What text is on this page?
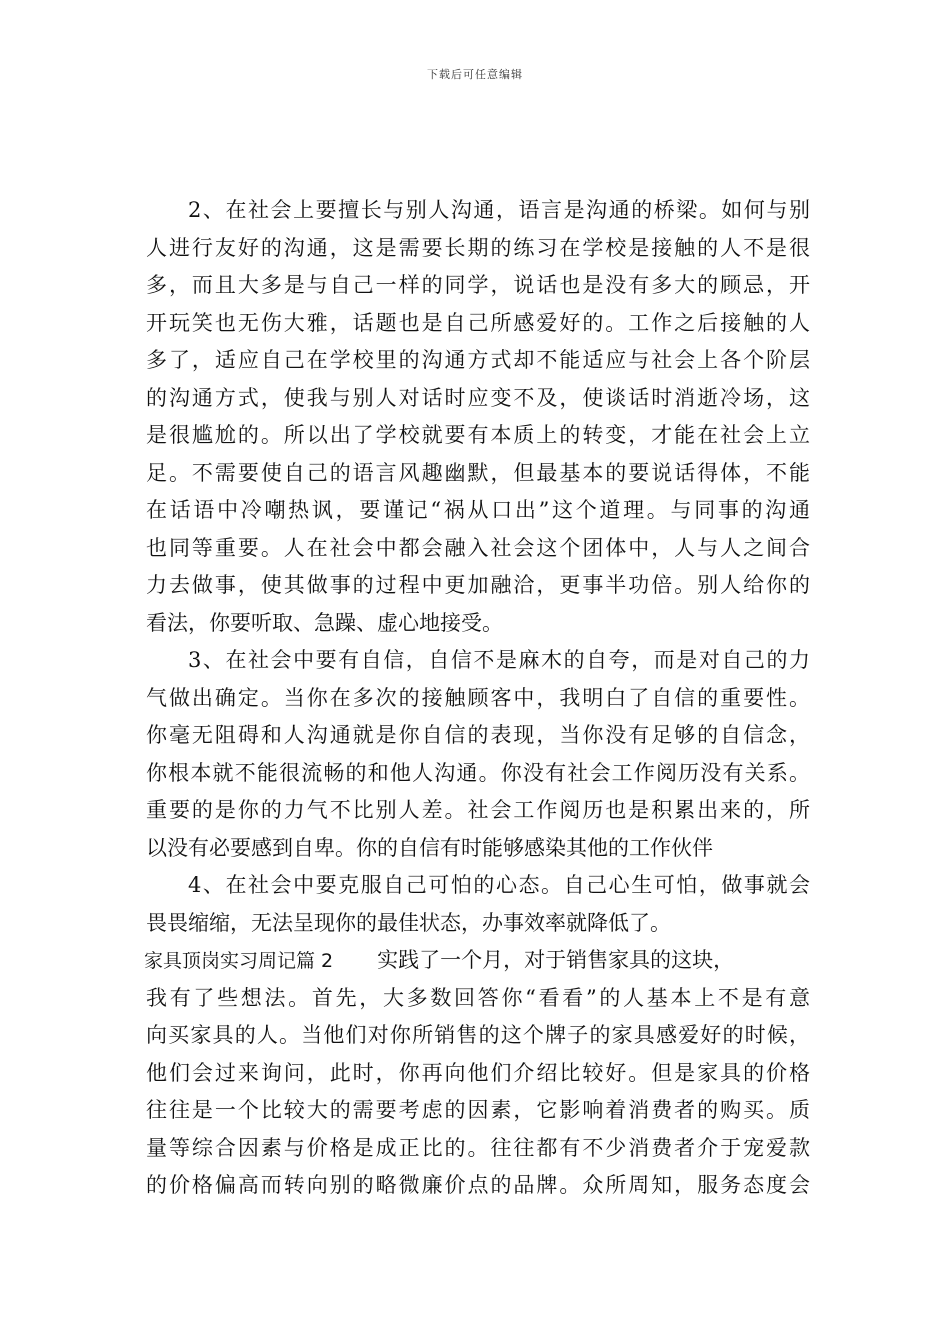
下载后可任意编辑
2、在社会上要擅长与别人沟通，语言是沟通的桥梁。如何与别
人进行友好的沟通，这是需要长期的练习在学校是接触的人不是很
多，而且大多是与自己一样的同学，说话也是没有多大的顾忌，开
开玩笑也无伤大雅，话题也是自己所感爱好的。工作之后接触的人
多了，适应自己在学校里的沟通方式却不能适应与社会上各个阶层
的沟通方式，使我与别人对话时应变不及，使谈话时消逝冷场，这
是很尴尬的。所以出了学校就要有本质上的转变，才能在社会上立
足。不需要使自己的语言风趣幽默，但最基本的要说话得体，不能
在话语中冷嘲热讽，要谨记“祸从口出”这个道理。与同事的沟通
也同等重要。人在社会中都会融入社会这个团体中，人与人之间合
力去做事，使其做事的过程中更加融洽，更事半功倍。别人给你的
看法，你要听取、急躁、虚心地接受。
3、在社会中要有自信，自信不是麻木的自夸，而是对自己的力
气做出确定。当你在多次的接触顾客中，我明白了自信的重要性。
你毫无阻碍和人沟通就是你自信的表现，当你没有足够的自信念，
你根本就不能很流畅的和他人沟通。你没有社会工作阅历没有关系。
重要的是你的力气不比别人差。社会工作阅历也是积累出来的，所
以没有必要感到自卑。你的自信有时能够感染其他的工作伙伴
4、在社会中要克服自己可怕的心态。自己心生可怕，做事就会
畏畏缩缩，无法呈现你的最佳状态，办事效率就降低了。
家具顶岗实习周记篇 2 实践了一个月，对于销售家具的这块，
我有了些想法。首先，大多数回答你“看看”的人基本上不是有意
向买家具的人。当他们对你所销售的这个牌子的家具感爱好的时候，
他们会过来询问，此时，你再向他们介绍比较好。但是家具的价格
往往是一个比较大的需要考虑的因素，它影响着消费者的购买。质
量等综合因素与价格是成正比的。往往都有不少消费者介于宠爱款
的价格偏高而转向别的略微廉价点的品牌。众所周知，服务态度会
